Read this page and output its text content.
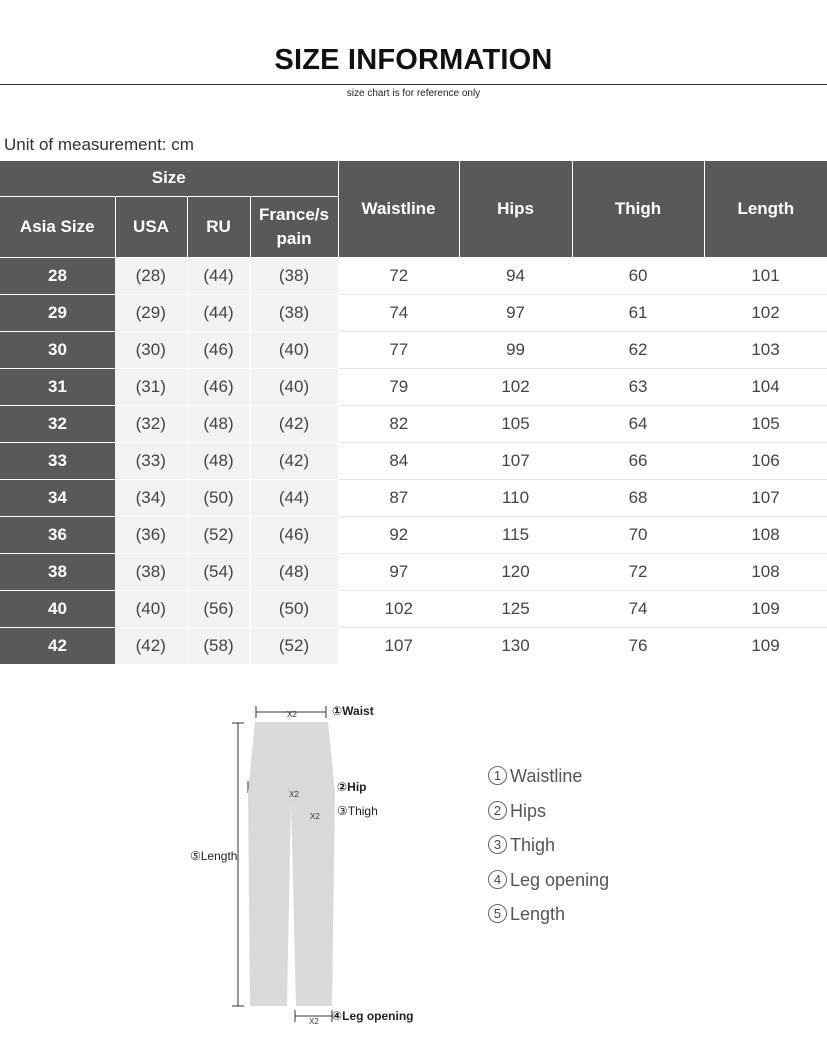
SIZE INFORMATION
size chart is for reference only
Unit of measurement: cm
Size				Waistline	Hips	Thigh	Length
Asia Size	USA	RU	France/s pain				
28	(28)	(44)	(38)	72	94	60	101
29	(29)	(44)	(38)	74	97	61	102
30	(30)	(46)	(40)	77	99	62	103
31	(31)	(46)	(40)	79	102	63	104
32	(32)	(48)	(42)	82	105	64	105
33	(33)	(48)	(42)	84	107	66	106
34	(34)	(50)	(44)	87	110	68	107
36	(36)	(52)	(46)	92	115	70	108
38	(38)	(54)	(48)	97	120	72	108
40	(40)	(56)	(50)	102	125	74	109
42	(42)	(58)	(52)	107	130	76	109
X2
X2
X2
X2
①Waist
②Hip
③Thigh
⑤Length
④Leg opening
1 Waistline
2 Hips
3 Thigh
4 Leg opening
5 Length
